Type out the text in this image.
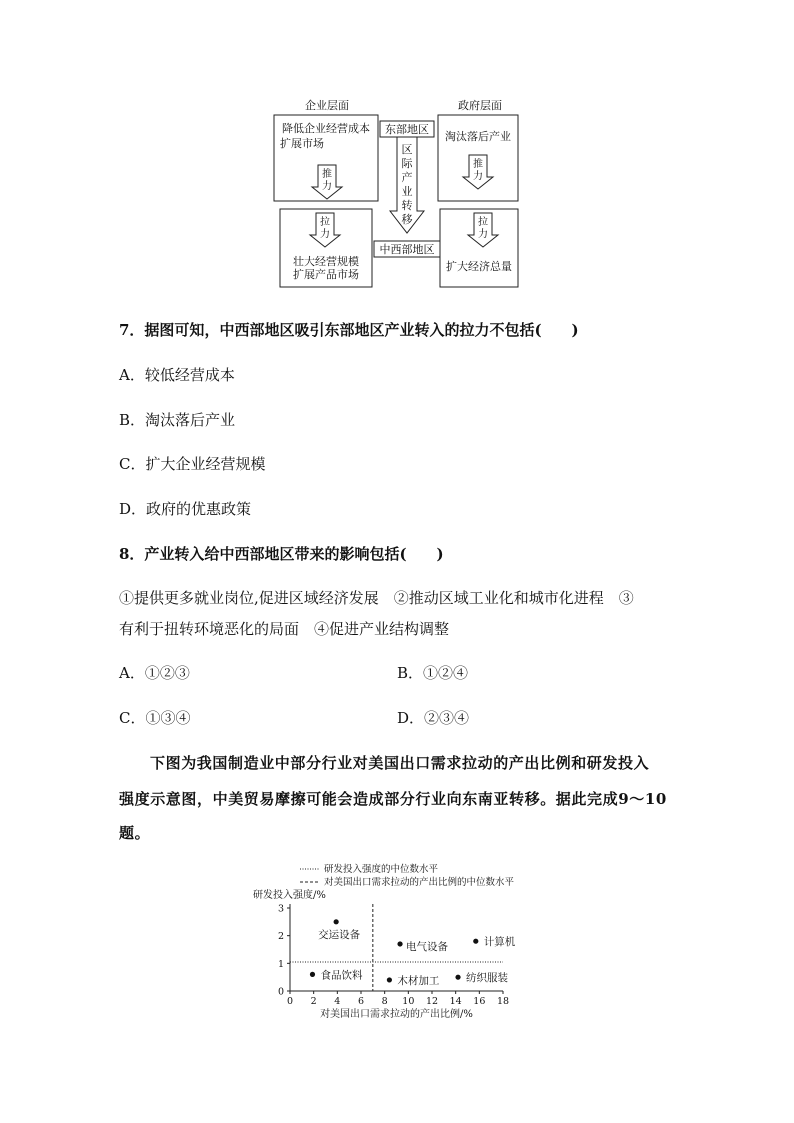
企业层面	政府层面
降低企业经营成本
扩展市场
推
力
拉
力
壮大经营规模
扩展产品市场
东部地区
区
际
产
业
转
移
中西部地区
淘汰落后产业
推
力
拉
力
扩大经济总量
7．据图可知，中西部地区吸引东部地区产业转入的拉力不包括(　　)
A．较低经营成本
B．淘汰落后产业
C．扩大企业经营规模
D．政府的优惠政策
8．产业转入给中西部地区带来的影响包括(　　)
①提供更多就业岗位,促进区域经济发展　②推动区域工业化和城市化进程　③
有利于扭转环境恶化的局面　④促进产业结构调整
A．①②③	B．①②④
C．①③④	D．②③④
下图为我国制造业中部分行业对美国出口需求拉动的产出比例和研发投入
强度示意图，中美贸易摩擦可能会造成部分行业向东南亚转移。据此完成9～10
题。
研发投入强度的中位数水平
对美国出口需求拉动的产出比例的中位数水平
研发投入强度/%
0 2 4 6 8 10 12 14 16 18
0
1
2
3
对美国出口需求拉动的产出比例/%
交运设备
电气设备	计算机
食品饮料	木材加工	纺织服装
